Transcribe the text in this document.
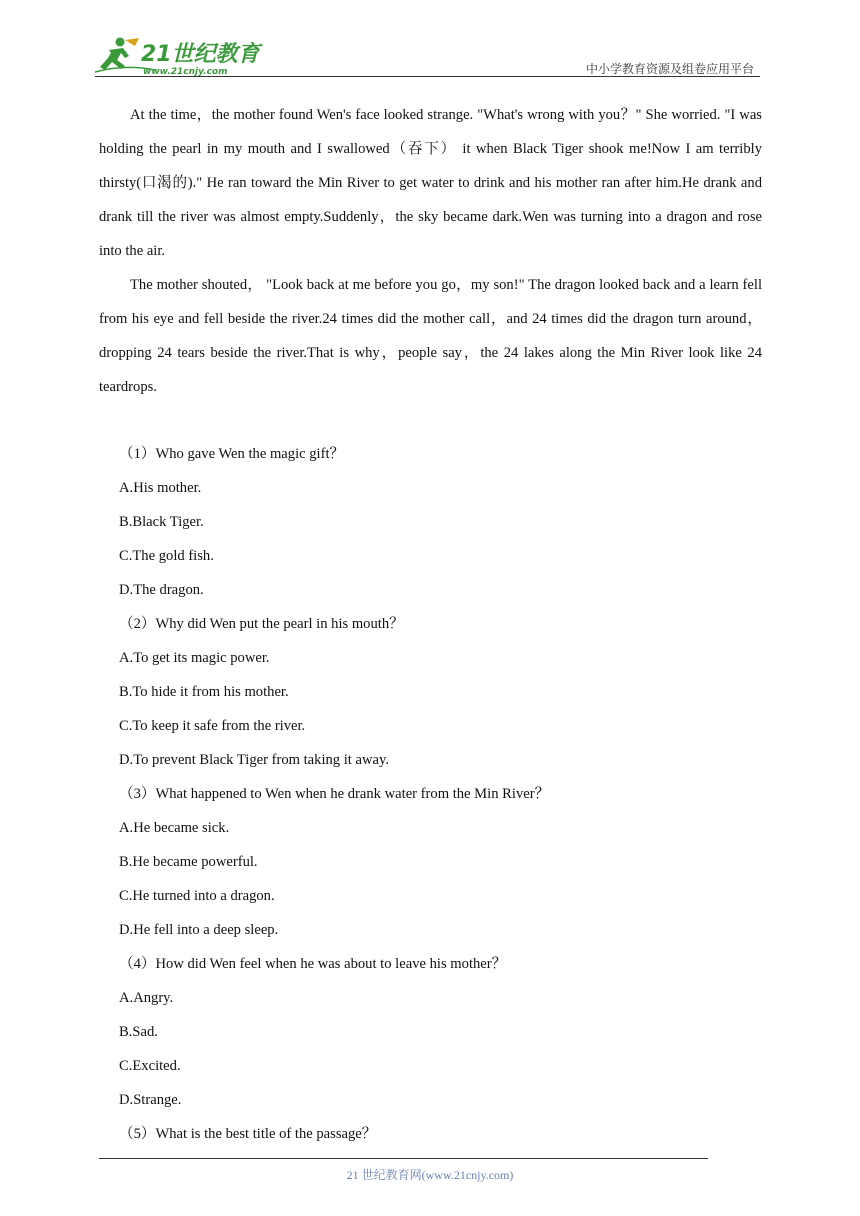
21世纪教育
www.21cnjy.com	中小学教育资源及组卷应用平台

At the time，the mother found Wen's face looked strange. "What's wrong with you？" She worried. "I was holding the pearl in my mouth and I swallowed（吞下） it when Black Tiger shook me!Now I am terribly thirsty(口渴的)." He ran toward the Min River to get water to drink and his mother ran after him.He drank and drank till the river was almost empty.Suddenly，the sky became dark.Wen was turning into a dragon and rose into the air.

The mother shouted， "Look back at me before you go，my son!" The dragon looked back and a learn fell from his eye and fell beside the river.24 times did the mother call，and 24 times did the dragon turn around，dropping 24 tears beside the river.That is why，people say，the 24 lakes along the Min River look like 24 teardrops.

（1）Who gave Wen the magic gift？

A.His mother.

B.Black Tiger.

C.The gold fish.

D.The dragon.

（2）Why did Wen put the pearl in his mouth？

A.To get its magic power.

B.To hide it from his mother.

C.To keep it safe from the river.

D.To prevent Black Tiger from taking it away.

（3）What happened to Wen when he drank water from the Min River？

A.He became sick.

B.He became powerful.

C.He turned into a dragon.

D.He fell into a deep sleep.

（4）How did Wen feel when he was about to leave his mother？

A.Angry.

B.Sad.

C.Excited.

D.Strange.

（5）What is the best title of the passage？

21 世纪教育网(www.21cnjy.com)
